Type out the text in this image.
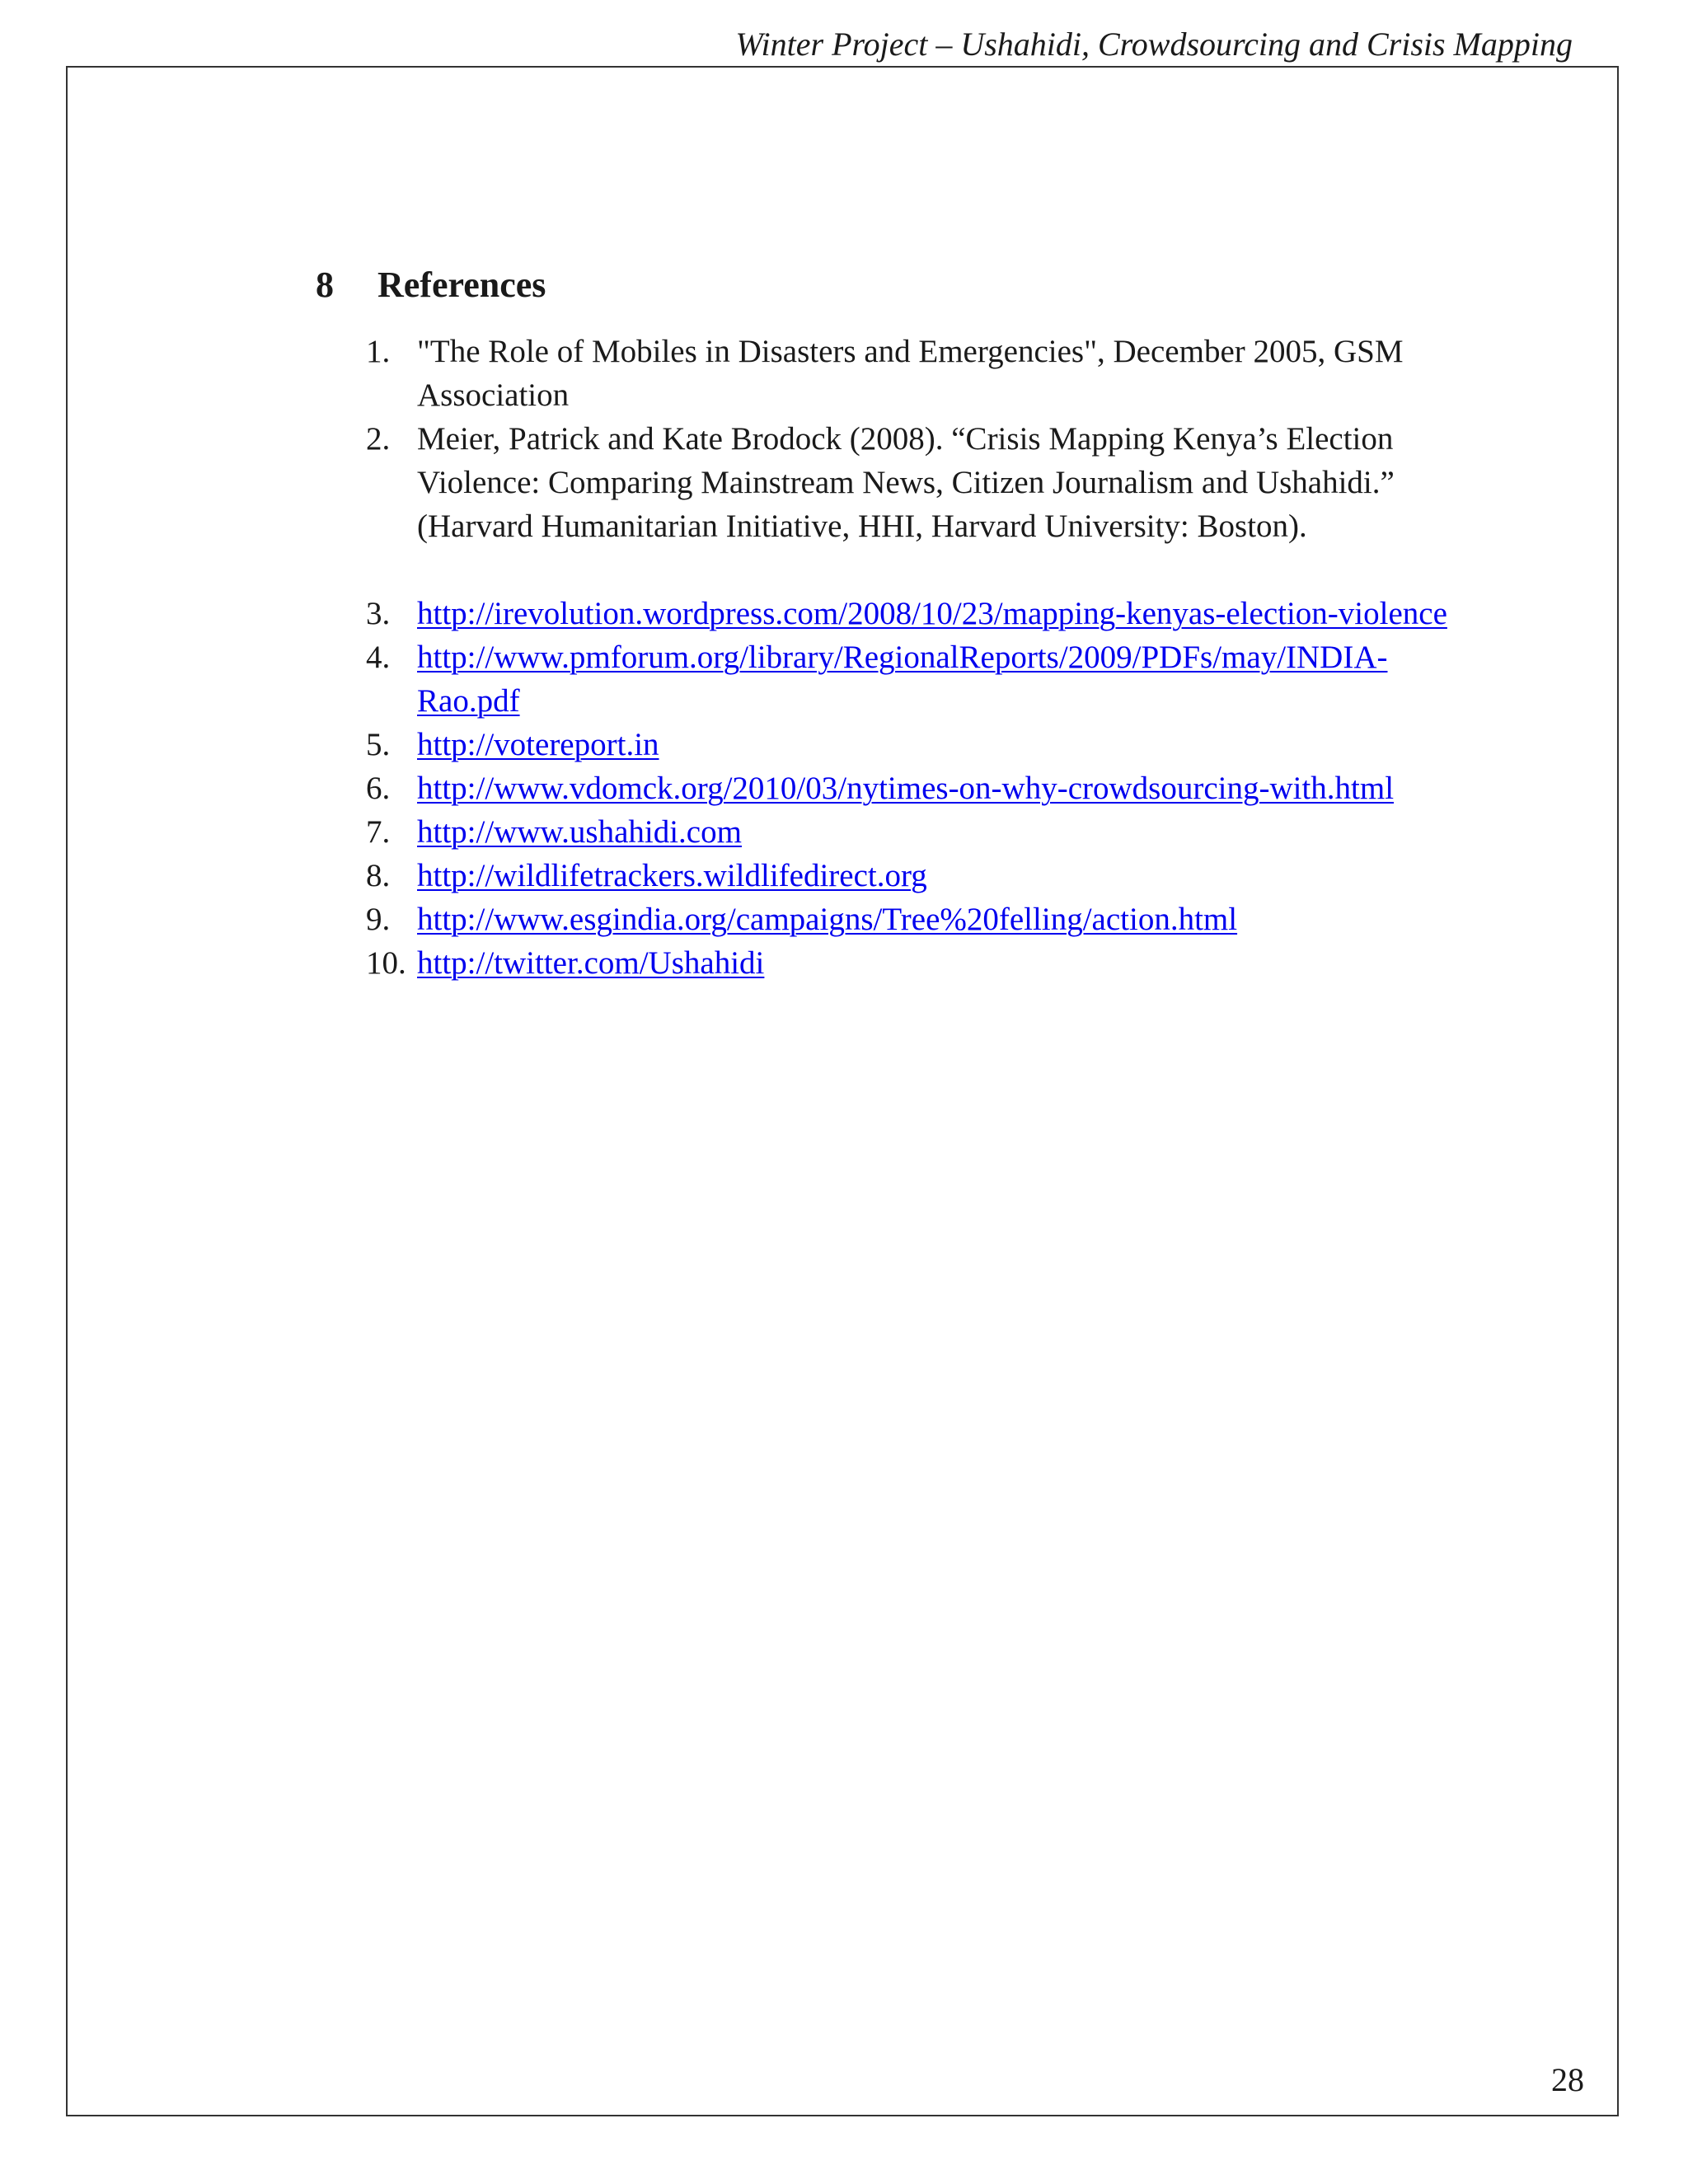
Winter Project – Ushahidi, Crowdsourcing and Crisis Mapping
8 References
1. "The Role of Mobiles in Disasters and Emergencies", December 2005, GSM Association
2. Meier, Patrick and Kate Brodock (2008). “Crisis Mapping Kenya’s Election Violence: Comparing Mainstream News, Citizen Journalism and Ushahidi.” (Harvard Humanitarian Initiative, HHI, Harvard University: Boston).
3. http://irevolution.wordpress.com/2008/10/23/mapping-kenyas-election-violence
4. http://www.pmforum.org/library/RegionalReports/2009/PDFs/may/INDIA-Rao.pdf
5. http://votereport.in
6. http://www.vdomck.org/2010/03/nytimes-on-why-crowdsourcing-with.html
7. http://www.ushahidi.com
8. http://wildlifetrackers.wildlifedirect.org
9. http://www.esgindia.org/campaigns/Tree%20felling/action.html
10. http://twitter.com/Ushahidi
28
